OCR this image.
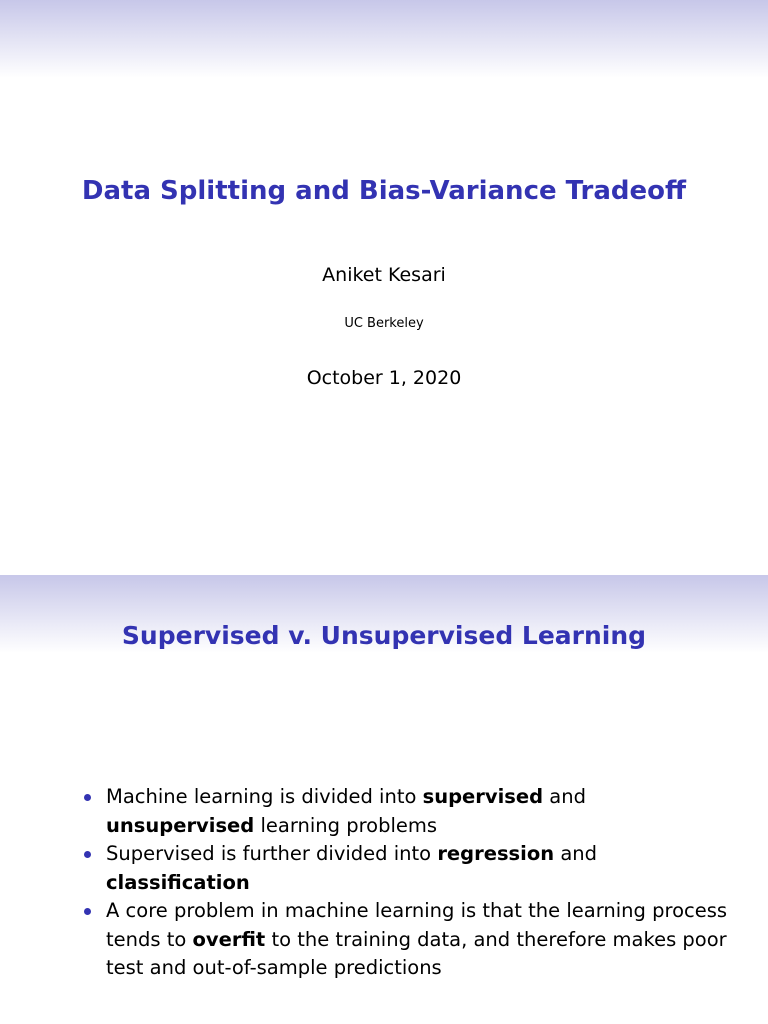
Data Splitting and Bias-Variance Tradeoff
Aniket Kesari
UC Berkeley
October 1, 2020
Supervised v. Unsupervised Learning
Machine learning is divided into supervised and unsupervised learning problems
Supervised is further divided into regression and classification
A core problem in machine learning is that the learning process tends to overfit to the training data, and therefore makes poor test and out-of-sample predictions
